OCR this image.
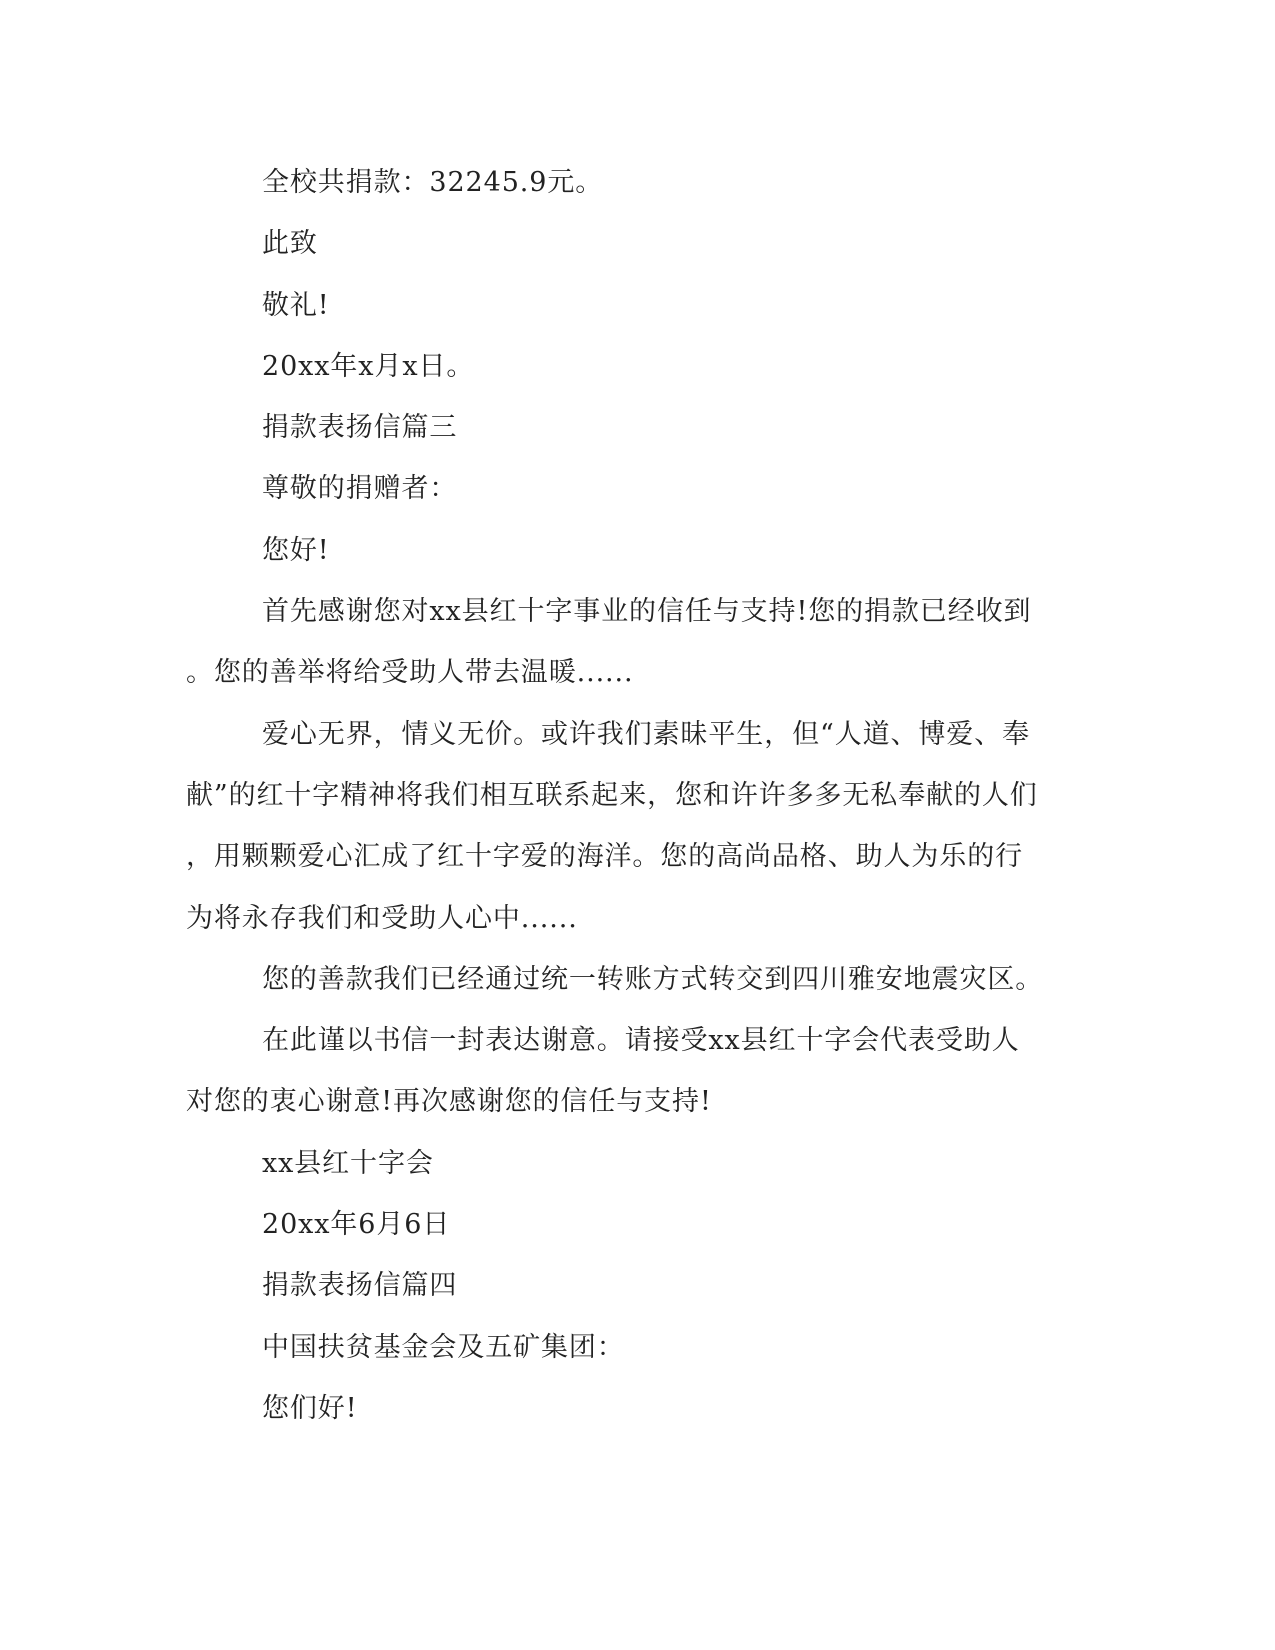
全校共捐款：32245.9元。
此致
敬礼!
20xx年x月x日。
捐款表扬信篇三
尊敬的捐赠者：
您好!
首先感谢您对xx县红十字事业的信任与支持!您的捐款已经收到
。您的善举将给受助人带去温暖......
爱心无界，情义无价。或许我们素昧平生，但“人道、博爱、奉
献”的红十字精神将我们相互联系起来，您和许许多多无私奉献的人们
，用颗颗爱心汇成了红十字爱的海洋。您的高尚品格、助人为乐的行
为将永存我们和受助人心中......
您的善款我们已经通过统一转账方式转交到四川雅安地震灾区。
在此谨以书信一封表达谢意。请接受xx县红十字会代表受助人
对您的衷心谢意!再次感谢您的信任与支持!
xx县红十字会
20xx年6月6日
捐款表扬信篇四
中国扶贫基金会及五矿集团：
您们好!
